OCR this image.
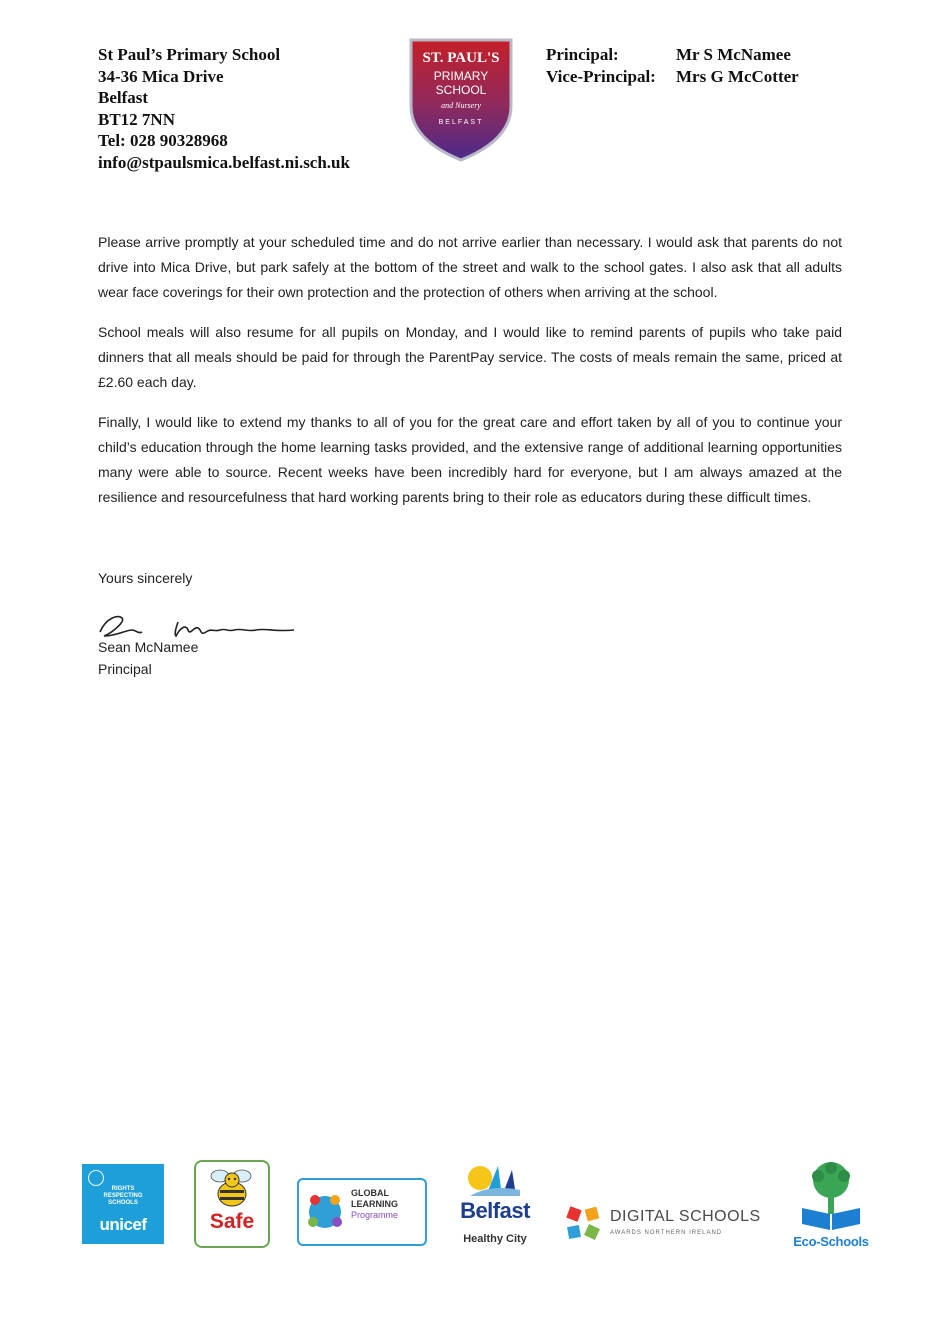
St Paul’s Primary School
34-36 Mica Drive
Belfast
BT12 7NN
Tel: 028 90328968
info@stpaulsmica.belfast.ni.sch.uk
ST. PAUL'S
PRIMARY
SCHOOL
and Nursery
BELFAST
Principal:	Mr S McNamee
Vice-Principal: Mrs G McCotter

Please arrive promptly at your scheduled time and do not arrive earlier than necessary. I would ask that parents do not drive into Mica Drive, but park safely at the bottom of the street and walk to the school gates. I also ask that all adults wear face coverings for their own protection and the protection of others when arriving at the school.

School meals will also resume for all pupils on Monday, and I would like to remind parents of pupils who take paid dinners that all meals should be paid for through the ParentPay service. The costs of meals remain the same, priced at £2.60 each day.

Finally, I would like to extend my thanks to all of you for the great care and effort taken by all of you to continue your child’s education through the home learning tasks provided, and the extensive range of additional learning opportunities many were able to source. Recent weeks have been incredibly hard for everyone, but I am always amazed at the resilience and resourcefulness that hard working parents bring to their role as educators during these difficult times.

Yours sincerely
Sean McNamee
Principal
RIGHTS
RESPECTING
SCHOOLS
unicef	Safe
GLOBAL
LEARNING
Programme	Belfast
Healthy City
DIGITAL SCHOOLS
AWARDS NORTHERN IRELAND
Eco-Schools
